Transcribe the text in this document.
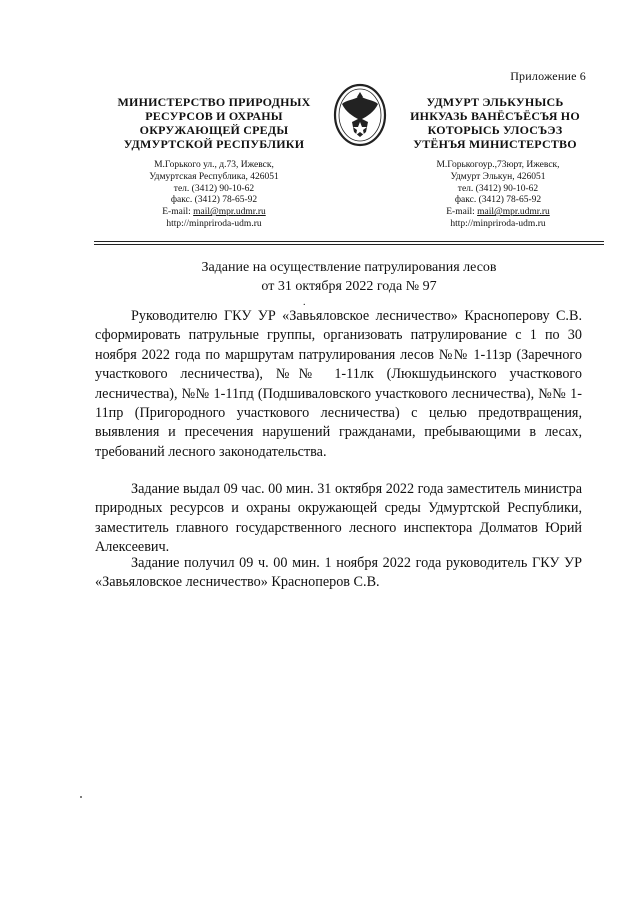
Приложение 6
МИНИСТЕРСТВО ПРИРОДНЫХ
РЕСУРСОВ И ОХРАНЫ
ОКРУЖАЮЩЕЙ СРЕДЫ
УДМУРТСКОЙ РЕСПУБЛИКИ
М.Горького ул., д.73, Ижевск,
Удмуртская Республика, 426051
тел. (3412) 90-10-62
факс. (3412) 78-65-92
E-mail: mail@mpr.udmr.ru
http://minpriroda-udm.ru
УДМУРТ ЭЛЬКУНЫСЬ
ИНКУАЗЬ ВАНЁСЪЁСЪЯ НО
КОТОРЫСЬ УЛОСЪЭЗ
УТЁНЪЯ МИНИСТЕРСТВО
М.Горькогоур.,73юрт, Ижевск,
Удмурт Элькун, 426051
тел. (3412) 90-10-62
факс. (3412) 78-65-92
E-mail: mail@mpr.udmr.ru
http://minpriroda-udm.ru
Задание на осуществление патрулирования лесов
от 31 октября 2022 года № 97
.
Руководителю ГКУ УР «Завьяловское лесничество» Красноперову С.В. сформировать патрульные группы, организовать патрулирование с 1 по 30 ноября 2022 года по маршрутам патрулирования лесов №№ 1-11зр (Заречного участкового лесничества), №№ 1-11лк (Люкшудьинского участкового лесничества), №№ 1-11пд (Подшиваловского участкового лесничества), №№ 1-11пр (Пригородного участкового лесничества) с целью предотвращения, выявления и пресечения нарушений гражданами, пребывающими в лесах, требований лесного законодательства.
Задание выдал 09 час. 00 мин. 31 октября 2022 года заместитель министра природных ресурсов и охраны окружающей среды Удмуртской Республики, заместитель главного государственного лесного инспектора Долматов Юрий Алексеевич.
Задание получил 09 ч. 00 мин. 1 ноября 2022 года руководитель ГКУ УР «Завьяловское лесничество» Красноперов С.В.
